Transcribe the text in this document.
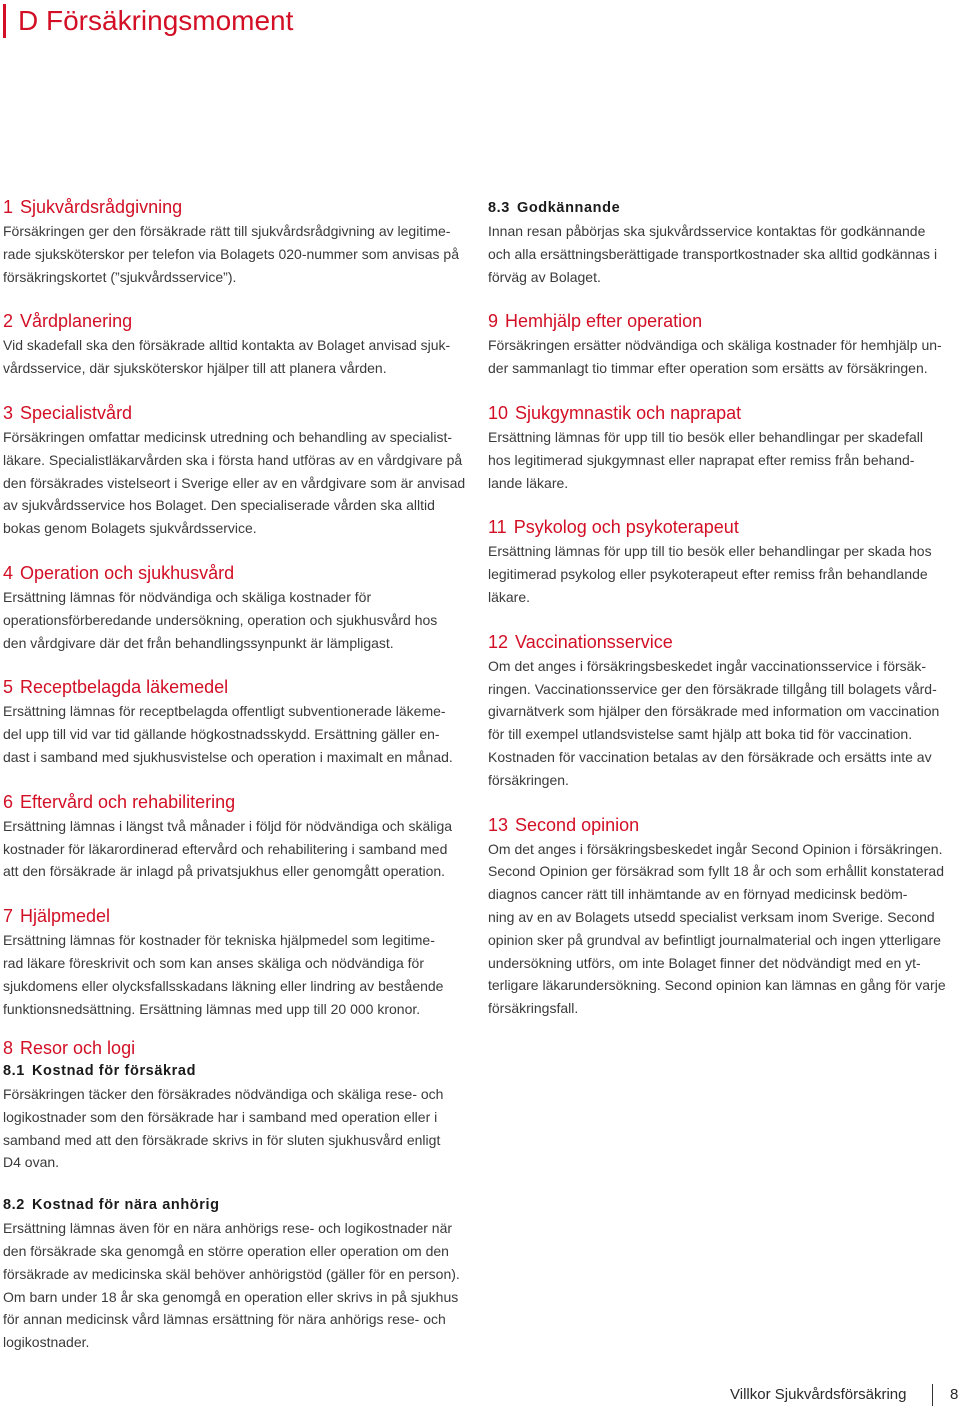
D Försäkringsmoment
1 Sjukvårdsrådgivning
Försäkringen ger den försäkrade rätt till sjukvårdsrådgivning av legitime-
rade sjuksköterskor per telefon via Bolagets 020-nummer som anvisas på
försäkringskortet (”sjukvårdsservice”).
2 Vårdplanering
Vid skadefall ska den försäkrade alltid kontakta av Bolaget anvisad sjuk-
vårdsservice, där sjuksköterskor hjälper till att planera vården.
3 Specialistvård
Försäkringen omfattar medicinsk utredning och behandling av specialist-
läkare. Specialistläkarvården ska i första hand utföras av en vårdgivare på
den försäkrades vistelseort i Sverige eller av en vårdgivare som är anvisad
av sjukvårdsservice hos Bolaget. Den specialiserade vården ska alltid
bokas genom Bolagets sjukvårdsservice.
4 Operation och sjukhusvård
Ersättning lämnas för nödvändiga och skäliga kostnader för
operationsförberedande undersökning, operation och sjukhusvård hos
den vårdgivare där det från behandlingssynpunkt är lämpligast.
5 Receptbelagda läkemedel
Ersättning lämnas för receptbelagda offentligt subventionerade läkeme-
del upp till vid var tid gällande högkostnadsskydd. Ersättning gäller en-
dast i samband med sjukhusvistelse och operation i maximalt en månad.
6 Eftervård och rehabilitering
Ersättning lämnas i längst två månader i följd för nödvändiga och skäliga
kostnader för läkarordinerad eftervård och rehabilitering i samband med
att den försäkrade är inlagd på privatsjukhus eller genomgått operation.
7 Hjälpmedel
Ersättning lämnas för kostnader för tekniska hjälpmedel som legitime-
rad läkare föreskrivit och som kan anses skäliga och nödvändiga för
sjukdomens eller olycksfallsskadans läkning eller lindring av bestående
funktionsnedsättning. Ersättning lämnas med upp till 20 000 kronor.
8.3 Godkännande
Innan resan påbörjas ska sjukvårdsservice kontaktas för godkännande
och alla ersättningsberättigade transportkostnader ska alltid godkännas i
förväg av Bolaget.
9 Hemhjälp efter operation
Försäkringen ersätter nödvändiga och skäliga kostnader för hemhjälp un-
der sammanlagt tio timmar efter operation som ersätts av försäkringen.
10 Sjukgymnastik och naprapat
Ersättning lämnas för upp till tio besök eller behandlingar per skadefall
hos legitimerad sjukgymnast eller naprapat efter remiss från behand-
lande läkare.
11 Psykolog och psykoterapeut
Ersättning lämnas för upp till tio besök eller behandlingar per skada hos
legitimerad psykolog eller psykoterapeut efter remiss från behandlande
läkare.
12 Vaccinationsservice
Om det anges i försäkringsbeskedet ingår vaccinationsservice i försäk-
ringen. Vaccinationsservice ger den försäkrade tillgång till bolagets vård-
givarnätverk som hjälper den försäkrade med information om vaccination
för till exempel utlandsvistelse samt hjälp att boka tid för vaccination.
Kostnaden för vaccination betalas av den försäkrade och ersätts inte av
försäkringen.
13 Second opinion
Om det anges i försäkringsbeskedet ingår Second Opinion i försäkringen.
Second Opinion ger försäkrad som fyllt 18 år och som erhållit konstaterad
diagnos cancer rätt till inhämtande av en förnyad medicinsk bedöm-
ning av en av Bolagets utsedd specialist verksam inom Sverige. Second
opinion sker på grundval av befintligt journalmaterial och ingen ytterligare
undersökning utförs, om inte Bolaget finner det nödvändigt med en yt-
terligare läkarundersökning. Second opinion kan lämnas en gång för varje
försäkringsfall.
8 Resor och logi
8.1 Kostnad för försäkrad
Försäkringen täcker den försäkrades nödvändiga och skäliga rese- och
logikostnader som den försäkrade har i samband med operation eller i
samband med att den försäkrade skrivs in för sluten sjukhusvård enligt
D4 ovan.
8.2 Kostnad för nära anhörig
Ersättning lämnas även för en nära anhörigs rese- och logikostnader när
den försäkrade ska genomgå en större operation eller operation om den
försäkrade av medicinska skäl behöver anhörigstöd (gäller för en person).
Om barn under 18 år ska genomgå en operation eller skrivs in på sjukhus
för annan medicinsk vård lämnas ersättning för nära anhörigs rese- och
logikostnader.
Villkor Sjukvårdsförsäkring	8
